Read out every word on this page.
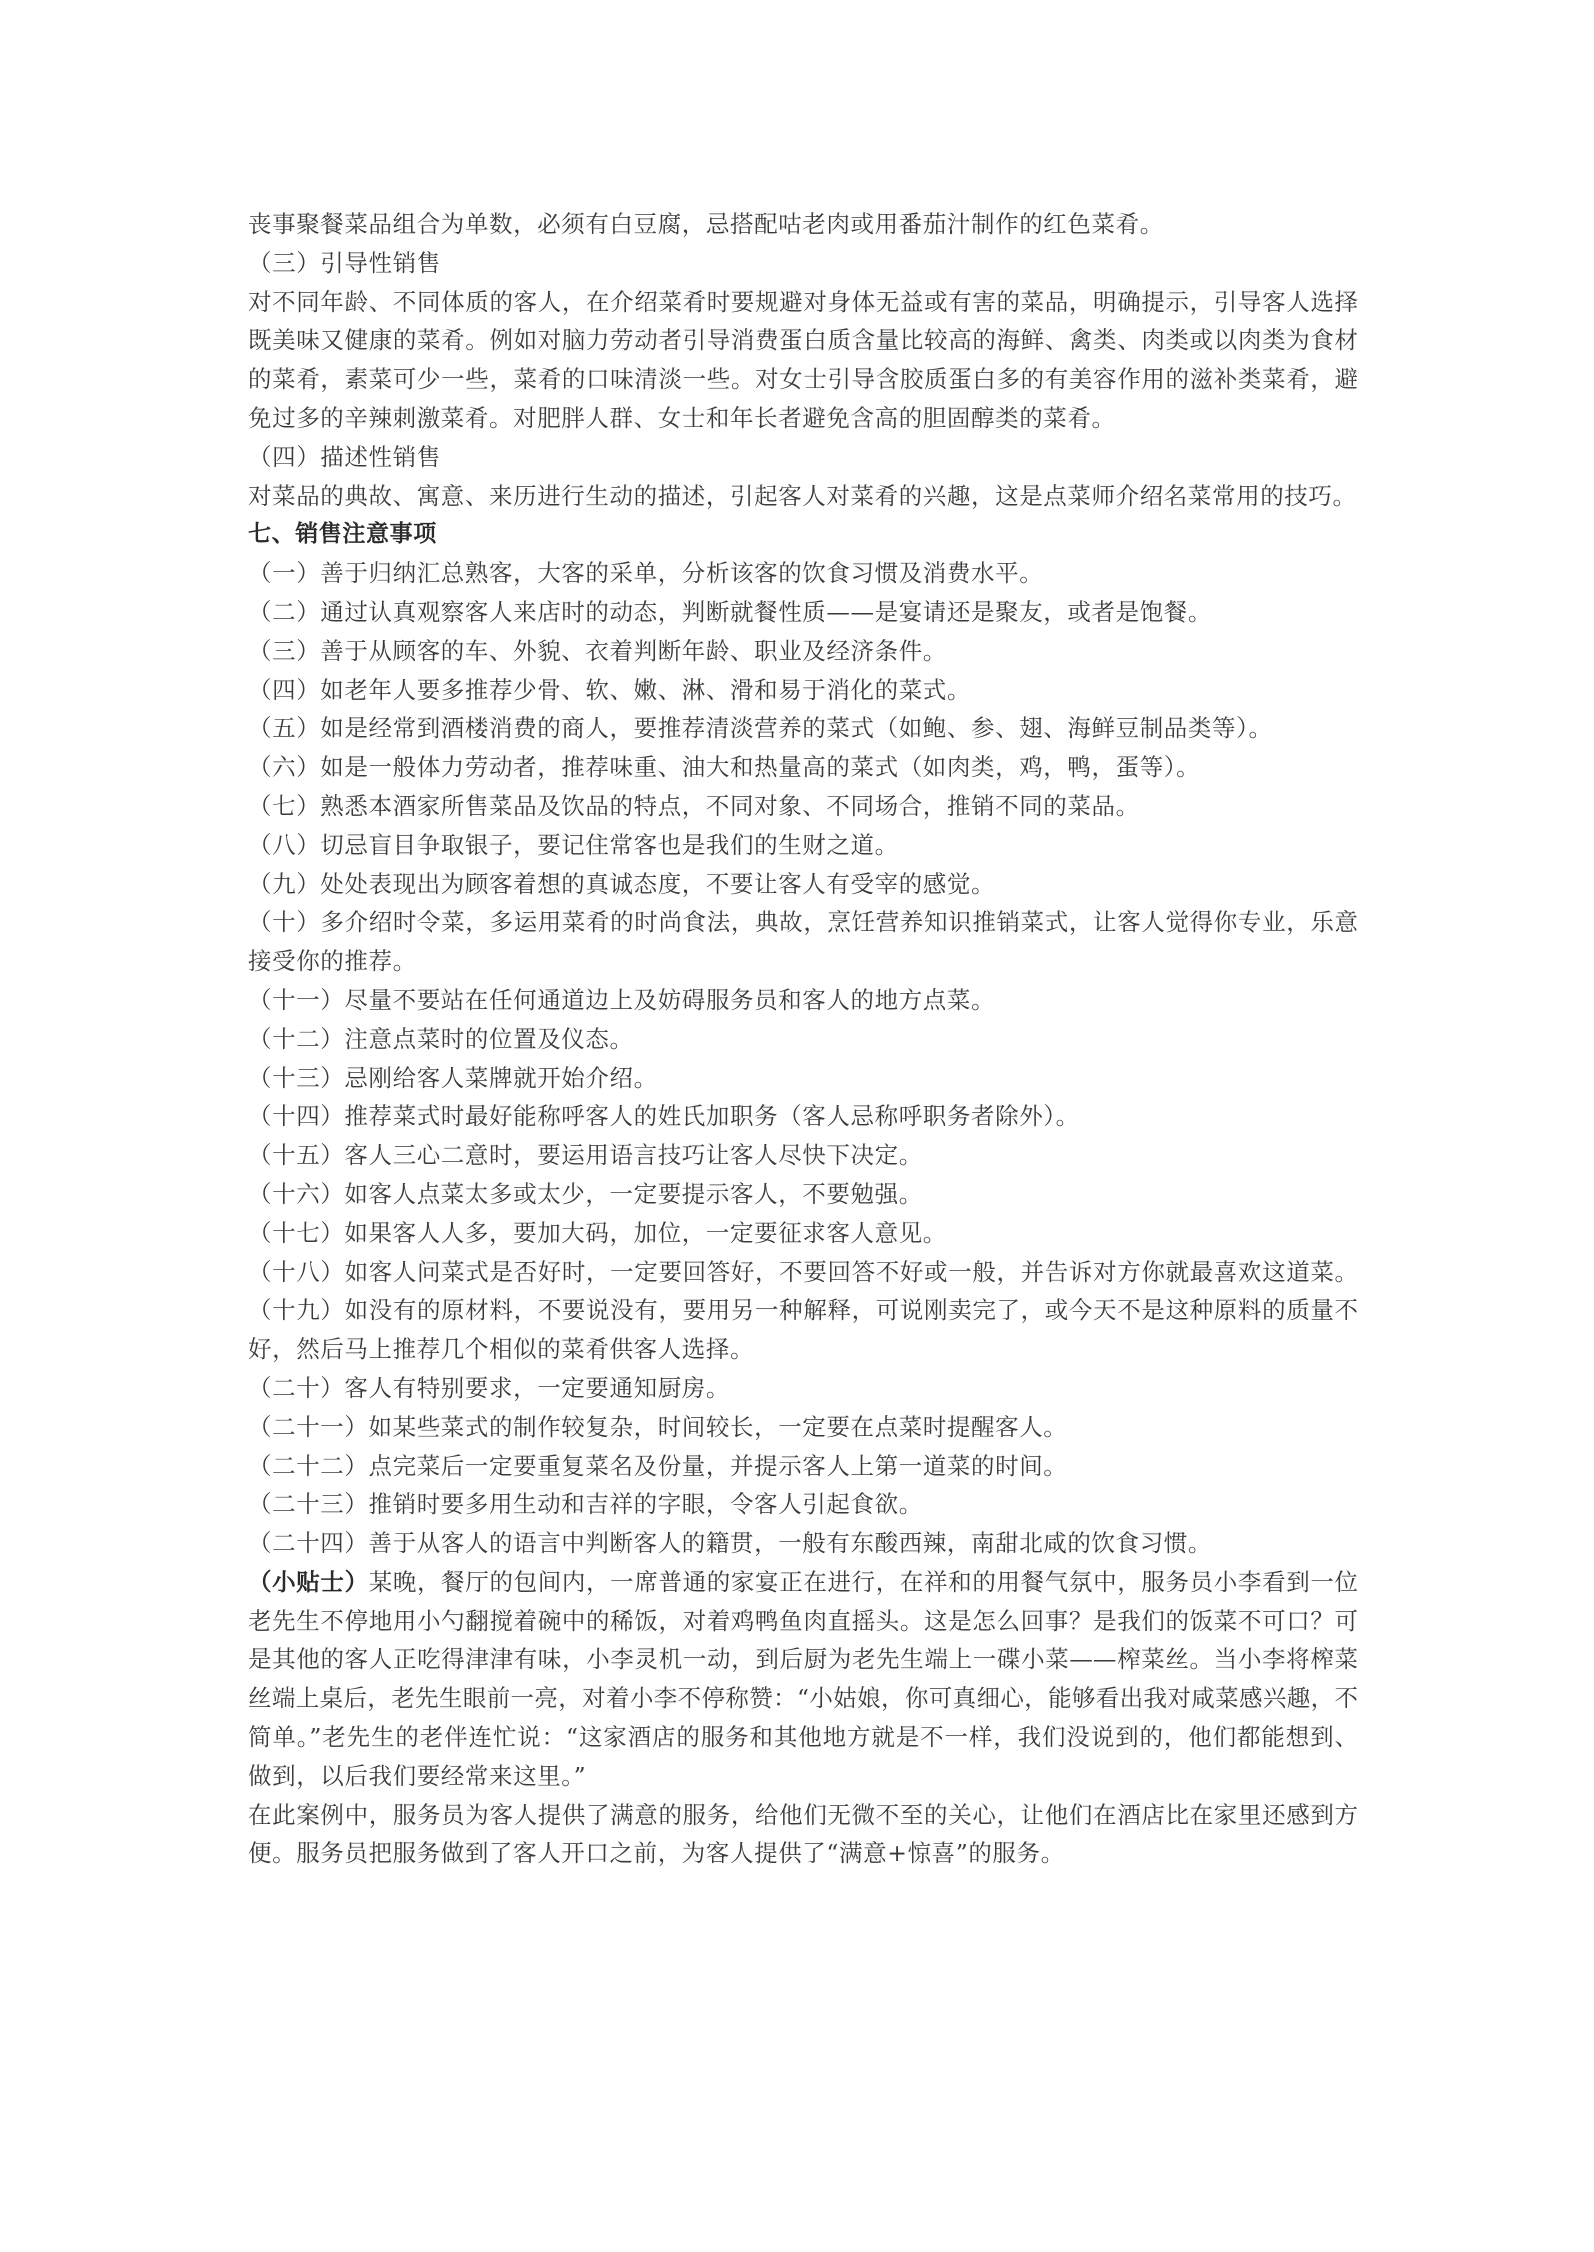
丧事聚餐菜品组合为单数，必须有白豆腐，忌搭配咕老肉或用番茄汁制作的红色菜肴。
（三）引导性销售
对不同年龄、不同体质的客人，在介绍菜肴时要规避对身体无益或有害的菜品，明确提示，引导客人选择
既美味又健康的菜肴。例如对脑力劳动者引导消费蛋白质含量比较高的海鲜、禽类、肉类或以肉类为食材
的菜肴，素菜可少一些，菜肴的口味清淡一些。对女士引导含胶质蛋白多的有美容作用的滋补类菜肴，避
免过多的辛辣刺激菜肴。对肥胖人群、女士和年长者避免含高的胆固醇类的菜肴。
（四）描述性销售
对菜品的典故、寓意、来历进行生动的描述，引起客人对菜肴的兴趣，这是点菜师介绍名菜常用的技巧。
七、销售注意事项
（一）善于归纳汇总熟客，大客的采单，分析该客的饮食习惯及消费水平。
（二）通过认真观察客人来店时的动态，判断就餐性质——是宴请还是聚友，或者是饱餐。
（三）善于从顾客的车、外貌、衣着判断年龄、职业及经济条件。
（四）如老年人要多推荐少骨、软、嫩、淋、滑和易于消化的菜式。
（五）如是经常到酒楼消费的商人，要推荐清淡营养的菜式（如鲍、参、翅、海鲜豆制品类等）。
（六）如是一般体力劳动者，推荐味重、油大和热量高的菜式（如肉类，鸡，鸭，蛋等）。
（七）熟悉本酒家所售菜品及饮品的特点，不同对象、不同场合，推销不同的菜品。
（八）切忌盲目争取银子，要记住常客也是我们的生财之道。
（九）处处表现出为顾客着想的真诚态度，不要让客人有受宰的感觉。
（十）多介绍时令菜，多运用菜肴的时尚食法，典故，烹饪营养知识推销菜式，让客人觉得你专业，乐意
接受你的推荐。
（十一）尽量不要站在任何通道边上及妨碍服务员和客人的地方点菜。
（十二）注意点菜时的位置及仪态。
（十三）忌刚给客人菜牌就开始介绍。
（十四）推荐菜式时最好能称呼客人的姓氏加职务（客人忌称呼职务者除外）。
（十五）客人三心二意时，要运用语言技巧让客人尽快下决定。
（十六）如客人点菜太多或太少，一定要提示客人，不要勉强。
（十七）如果客人人多，要加大码，加位，一定要征求客人意见。
（十八）如客人问菜式是否好时，一定要回答好，不要回答不好或一般，并告诉对方你就最喜欢这道菜。
（十九）如没有的原材料，不要说没有，要用另一种解释，可说刚卖完了，或今天不是这种原料的质量不
好，然后马上推荐几个相似的菜肴供客人选择。
（二十）客人有特别要求，一定要通知厨房。
（二十一）如某些菜式的制作较复杂，时间较长，一定要在点菜时提醒客人。
（二十二）点完菜后一定要重复菜名及份量，并提示客人上第一道菜的时间。
（二十三）推销时要多用生动和吉祥的字眼，令客人引起食欲。
（二十四）善于从客人的语言中判断客人的籍贯，一般有东酸西辣，南甜北咸的饮食习惯。
（小贴士）某晚，餐厅的包间内，一席普通的家宴正在进行，在祥和的用餐气氛中，服务员小李看到一位
老先生不停地用小勺翻搅着碗中的稀饭，对着鸡鸭鱼肉直摇头。这是怎么回事？是我们的饭菜不可口？可
是其他的客人正吃得津津有味，小李灵机一动，到后厨为老先生端上一碟小菜——榨菜丝。当小李将榨菜
丝端上桌后，老先生眼前一亮，对着小李不停称赞：“小姑娘，你可真细心，能够看出我对咸菜感兴趣，不
简单。”老先生的老伴连忙说：“这家酒店的服务和其他地方就是不一样，我们没说到的，他们都能想到、
做到，以后我们要经常来这里。”
在此案例中，服务员为客人提供了满意的服务，给他们无微不至的关心，让他们在酒店比在家里还感到方
便。服务员把服务做到了客人开口之前，为客人提供了“满意+惊喜”的服务。
